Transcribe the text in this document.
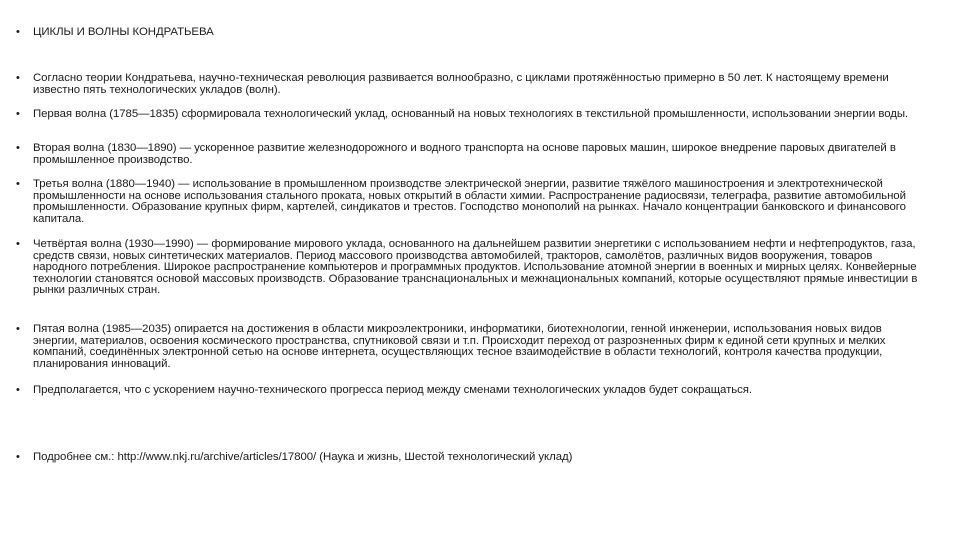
•	ЦИКЛЫ И ВОЛНЫ КОНДРАТЬЕВА
•	Согласно теории Кондратьева, научно-техническая революция развивается волнообразно, с циклами протяжённостью примерно в 50 лет. К настоящему времени известно пять технологических укладов (волн).
•	Первая волна (1785—1835) сформировала технологический уклад, основанный на новых технологиях в текстильной промышленности, использовании энергии воды.
•	Вторая волна (1830—1890) — ускоренное развитие железнодорожного и водного транспорта на основе паровых машин, широкое внедрение паровых двигателей в промышленное производство.
•	Третья волна (1880—1940) — использование в промышленном производстве электрической энергии, развитие тяжёлого машиностроения и электротехнической промышленности на основе использования стального проката, новых открытий в области химии. Распространение радиосвязи, телеграфа, развитие автомобильной промышленности. Образование крупных фирм, картелей, синдикатов и трестов. Господство монополий на рынках. Начало концентрации банковского и финансового капитала.
•	Четвёртая волна (1930—1990) — формирование мирового уклада, основанного на дальнейшем развитии энергетики с использованием нефти и нефтепродуктов, газа, средств связи, новых синтетических материалов. Период массового производства автомобилей, тракторов, самолётов, различных видов вооружения, товаров народного потребления. Широкое распространение компьютеров и программных продуктов. Использование атомной энергии в военных и мирных целях. Конвейерные технологии становятся основой массовых производств. Образование транснациональных и межнациональных компаний, которые осуществляют прямые инвестиции в рынки различных стран.
•	Пятая волна (1985—2035) опирается на достижения в области микроэлектроники, информатики, биотехнологии, генной инженерии, использования новых видов энергии, материалов, освоения космического пространства, спутниковой связи и т.п. Происходит переход от разрозненных фирм к единой сети крупных и мелких компаний, соединённых электронной сетью на основе интернета, осуществляющих тесное взаимодействие в области технологий, контроля качества продукции, планирования инноваций.
•	Предполагается, что с ускорением научно-технического прогресса период между сменами технологических укладов будет сокращаться.
•	Подробнее см.: http://www.nkj.ru/archive/articles/17800/ (Наука и жизнь, Шестой технологический уклад)
